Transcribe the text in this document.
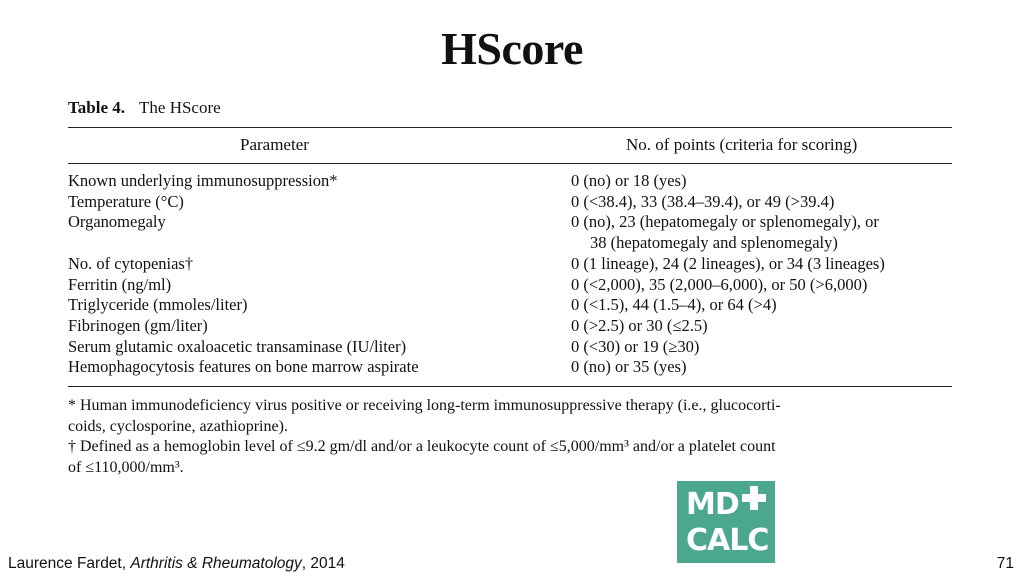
HScore
Table 4. The HScore
Parameter	No. of points (criteria for scoring)
Known underlying immunosuppression*	0 (no) or 18 (yes)
Temperature (°C)	0 (<38.4), 33 (38.4–39.4), or 49 (>39.4)
Organomegaly	0 (no), 23 (hepatomegaly or splenomegaly), or
38 (hepatomegaly and splenomegaly)
No. of cytopenias†	0 (1 lineage), 24 (2 lineages), or 34 (3 lineages)
Ferritin (ng/ml)	0 (<2,000), 35 (2,000–6,000), or 50 (>6,000)
Triglyceride (mmoles/liter)	0 (<1.5), 44 (1.5–4), or 64 (>4)
Fibrinogen (gm/liter)	0 (>2.5) or 30 (≤2.5)
Serum glutamic oxaloacetic transaminase (IU/liter)	0 (<30) or 19 (≥30)
Hemophagocytosis features on bone marrow aspirate	0 (no) or 35 (yes)
* Human immunodeficiency virus positive or receiving long-term immunosuppressive therapy (i.e., glucocorti-
coids, cyclosporine, azathioprine).
† Defined as a hemoglobin level of ≤9.2 gm/dl and/or a leukocyte count of ≤5,000/mm³ and/or a platelet count
of ≤110,000/mm³.
MD
CALC
Laurence Fardet, Arthritis & Rheumatology, 2014	71
